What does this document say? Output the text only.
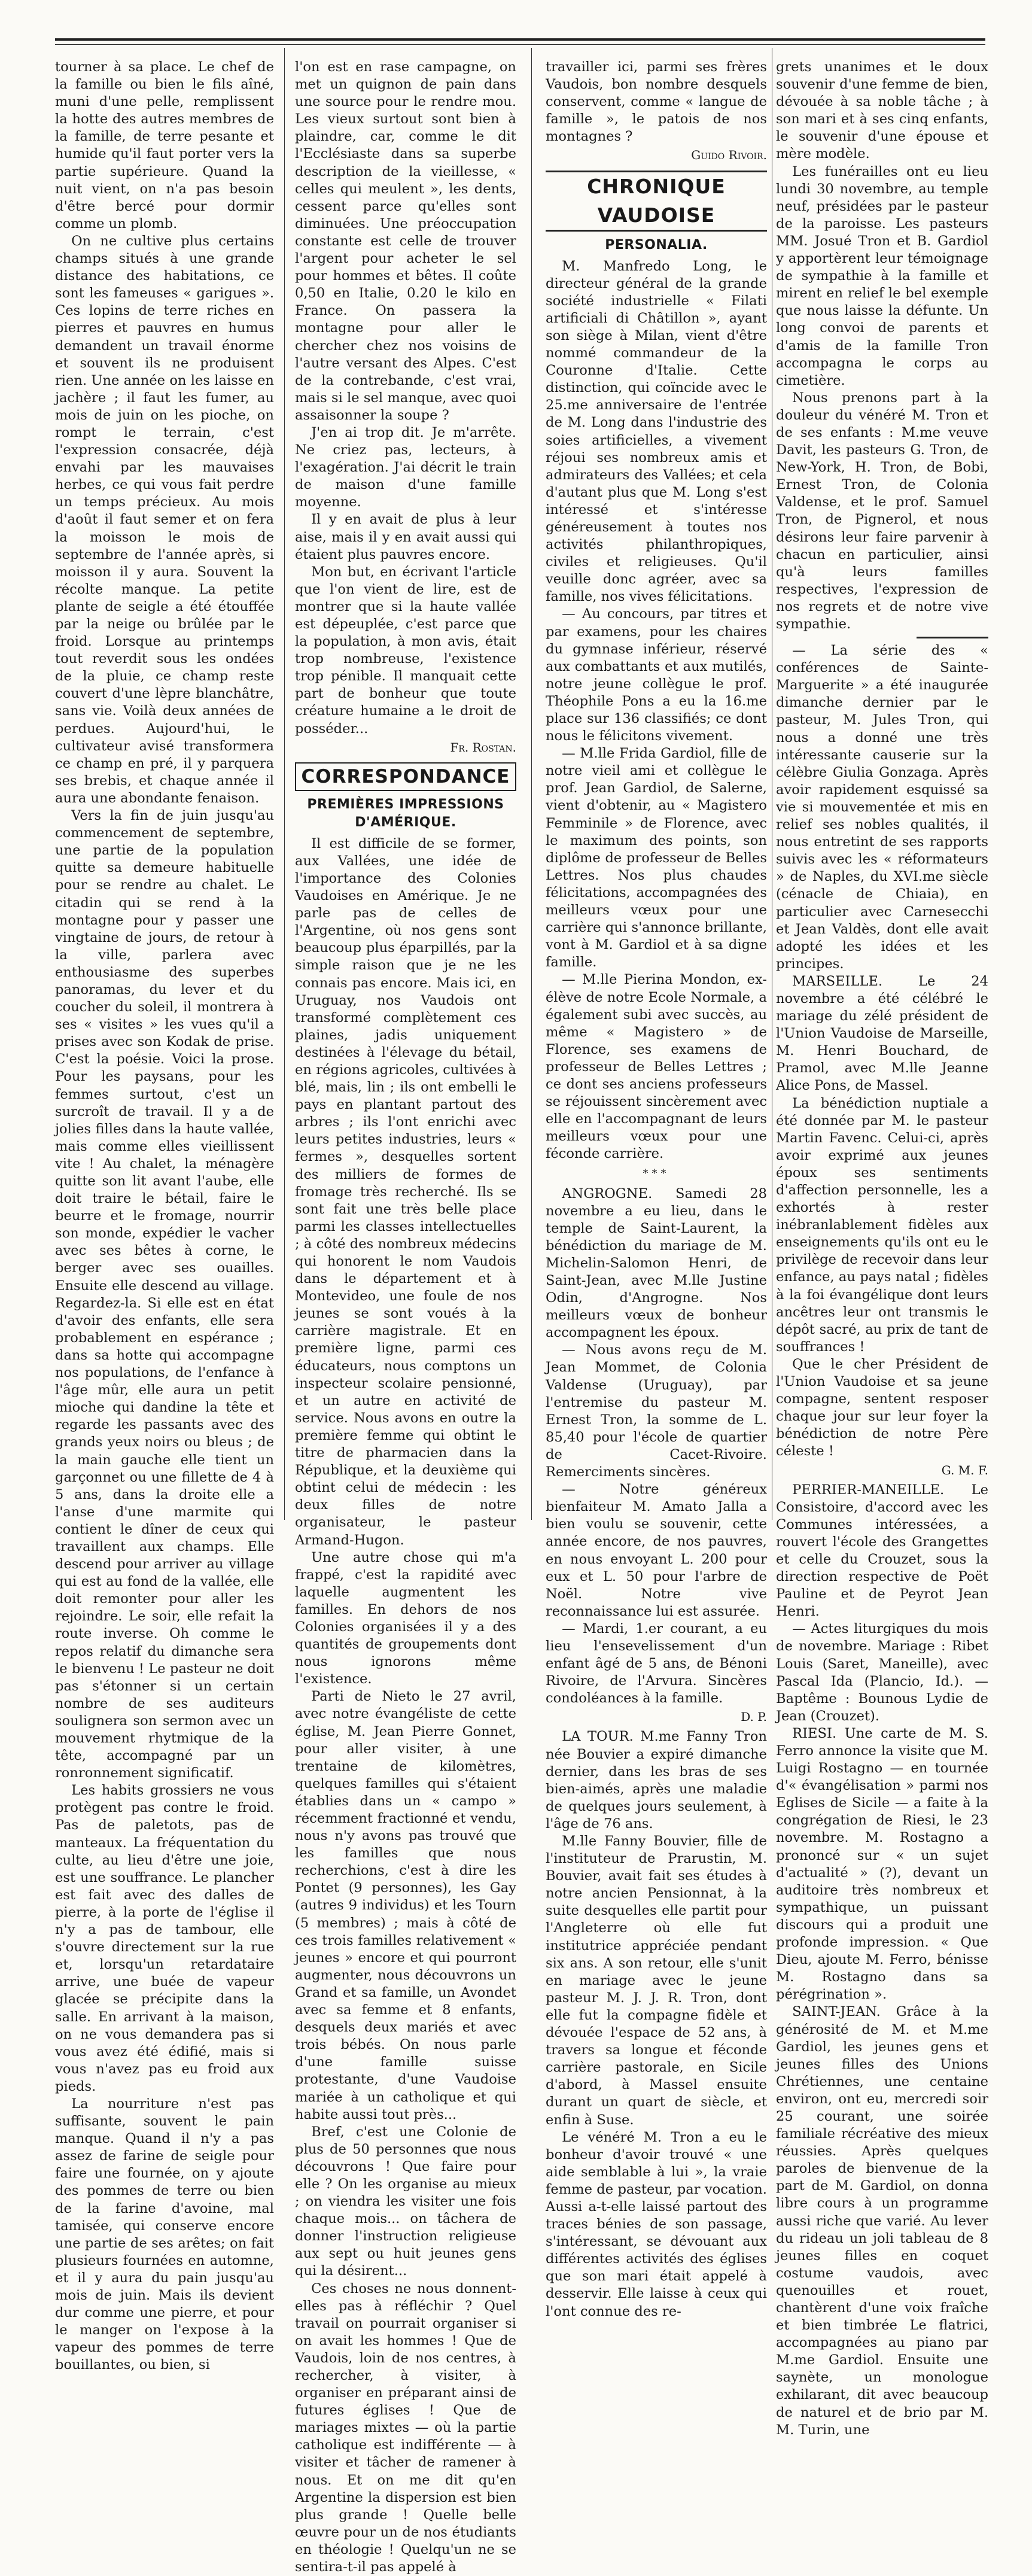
tourner à sa place. Le chef de la famille ou bien le fils aîné, muni d'une pelle, remplissent la hotte des autres membres de la famille, de terre pesante et humide qu'il faut porter vers la partie supérieure. Quand la nuit vient, on n'a pas besoin d'être bercé pour dormir comme un plomb.

On ne cultive plus certains champs situés à une grande distance des habitations, ce sont les fameuses « garigues ». Ces lopins de terre riches en pierres et pauvres en humus demandent un travail énorme et souvent ils ne produisent rien. Une année on les laisse en jachère ; il faut les fumer, au mois de juin on les pioche, on rompt le terrain, c'est l'expression consacrée, déjà envahi par les mauvaises herbes, ce qui vous fait perdre un temps précieux. Au mois d'août il faut semer et on fera la moisson le mois de septembre de l'année après, si moisson il y aura. Souvent la récolte manque. La petite plante de seigle a été étouffée par la neige ou brûlée par le froid. Lorsque au printemps tout reverdit sous les ondées de la pluie, ce champ reste couvert d'une lèpre blanchâtre, sans vie. Voilà deux années de perdues. Aujourd'hui, le cultivateur avisé transformera ce champ en pré, il y parquera ses brebis, et chaque année il aura une abondante fenaison.

Vers la fin de juin jusqu'au commencement de septembre, une partie de la population quitte sa demeure habituelle pour se rendre au chalet. Le citadin qui se rend à la montagne pour y passer une vingtaine de jours, de retour à la ville, parlera avec enthousiasme des superbes panoramas, du lever et du coucher du soleil, il montrera à ses « visites » les vues qu'il a prises avec son Kodak de prise. C'est la poésie. Voici la prose. Pour les paysans, pour les femmes surtout, c'est un surcroît de travail. Il y a de jolies filles dans la haute vallée, mais comme elles vieillissent vite ! Au chalet, la ménagère quitte son lit avant l'aube, elle doit traire le bétail, faire le beurre et le fromage, nourrir son monde, expédier le vacher avec ses bêtes à corne, le berger avec ses ouailles. Ensuite elle descend au village. Regardez-la. Si elle est en état d'avoir des enfants, elle sera probablement en espérance ; dans sa hotte qui accompagne nos populations, de l'enfance à l'âge mûr, elle aura un petit mioche qui dandine la tête et regarde les passants avec des grands yeux noirs ou bleus ; de la main gauche elle tient un garçonnet ou une fillette de 4 à 5 ans, dans la droite elle a l'anse d'une marmite qui contient le dîner de ceux qui travaillent aux champs. Elle descend pour arriver au village qui est au fond de la vallée, elle doit remonter pour aller les rejoindre. Le soir, elle refait la route inverse. Oh comme le repos relatif du dimanche sera le bienvenu ! Le pasteur ne doit pas s'étonner si un certain nombre de ses auditeurs soulignera son sermon avec un mouvement rhytmique de la tête, accompagné par un ronronnement significatif.

Les habits grossiers ne vous protègent pas contre le froid. Pas de paletots, pas de manteaux. La fréquentation du culte, au lieu d'être une joie, est une souffrance. Le plancher est fait avec des dalles de pierre, à la porte de l'église il n'y a pas de tambour, elle s'ouvre directement sur la rue et, lorsqu'un retardataire arrive, une buée de vapeur glacée se précipite dans la salle. En arrivant à la maison, on ne vous demandera pas si vous avez été édifié, mais si vous n'avez pas eu froid aux pieds.

La nourriture n'est pas suffisante, souvent le pain manque. Quand il n'y a pas assez de farine de seigle pour faire une fournée, on y ajoute des pommes de terre ou bien de la farine d'avoine, mal tamisée, qui conserve encore une partie de ses arêtes; on fait plusieurs fournées en automne, et il y aura du pain jusqu'au mois de juin. Mais ils devient dur comme une pierre, et pour le manger on l'expose à la vapeur des pommes de terre bouillantes, ou bien, si

l'on est en rase campagne, on met un quignon de pain dans une source pour le rendre mou. Les vieux surtout sont bien à plaindre, car, comme le dit l'Ecclésiaste dans sa superbe description de la vieillesse, « celles qui meulent », les dents, cessent parce qu'elles sont diminuées. Une préoccupation constante est celle de trouver l'argent pour acheter le sel pour hommes et bêtes. Il coûte 0,50 en Italie, 0.20 le kilo en France. On passera la montagne pour aller le chercher chez nos voisins de l'autre versant des Alpes. C'est de la contrebande, c'est vrai, mais si le sel manque, avec quoi assaisonner la soupe ?

J'en ai trop dit. Je m'arrête. Ne criez pas, lecteurs, à l'exagération. J'ai décrit le train de maison d'une famille moyenne.

Il y en avait de plus à leur aise, mais il y en avait aussi qui étaient plus pauvres encore.

Mon but, en écrivant l'article que l'on vient de lire, est de montrer que si la haute vallée est dépeuplée, c'est parce que la population, à mon avis, était trop nombreuse, l'existence trop pénible. Il manquait cette part de bonheur que toute créature humaine a le droit de posséder...

Fr. Rostan.
CORRESPONDANCE
PREMIÈRES IMPRESSIONS D'AMÉRIQUE.

Il est difficile de se former, aux Vallées, une idée de l'importance des Colonies Vaudoises en Amérique. Je ne parle pas de celles de l'Argentine, où nos gens sont beaucoup plus éparpillés, par la simple raison que je ne les connais pas encore. Mais ici, en Uruguay, nos Vaudois ont transformé complètement ces plaines, jadis uniquement destinées à l'élevage du bétail, en régions agricoles, cultivées à blé, mais, lin ; ils ont embelli le pays en plantant partout des arbres ; ils l'ont enrichi avec leurs petites industries, leurs « fermes », desquelles sortent des milliers de formes de fromage très recherché. Ils se sont fait une très belle place parmi les classes intellectuelles ; à côté des nombreux médecins qui honorent le nom Vaudois dans le département et à Montevideo, une foule de nos jeunes se sont voués à la carrière magistrale. Et en première ligne, parmi ces éducateurs, nous comptons un inspecteur scolaire pensionné, et un autre en activité de service. Nous avons en outre la première femme qui obtint le titre de pharmacien dans la République, et la deuxième qui obtint celui de médecin : les deux filles de notre organisateur, le pasteur Armand-Hugon.

Une autre chose qui m'a frappé, c'est la rapidité avec laquelle augmentent les familles. En dehors de nos Colonies organisées il y a des quantités de groupements dont nous ignorons même l'existence.

Parti de Nieto le 27 avril, avec notre évangéliste de cette église, M. Jean Pierre Gonnet, pour aller visiter, à une trentaine de kilomètres, quelques familles qui s'étaient établies dans un « campo » récemment fractionné et vendu, nous n'y avons pas trouvé que les familles que nous recherchions, c'est à dire les Pontet (9 personnes), les Gay (autres 9 individus) et les Tourn (5 membres) ; mais à côté de ces trois familles relativement « jeunes » encore et qui pourront augmenter, nous découvrons un Grand et sa famille, un Avondet avec sa femme et 8 enfants, desquels deux mariés et avec trois bébés. On nous parle d'une famille suisse protestante, d'une Vaudoise mariée à un catholique et qui habite aussi tout près...

Bref, c'est une Colonie de plus de 50 personnes que nous découvrons ! Que faire pour elle ? On les organise au mieux ; on viendra les visiter une fois chaque mois... on tâchera de donner l'instruction religieuse aux sept ou huit jeunes gens qui la désirent...

Ces choses ne nous donnent-elles pas à réfléchir ? Quel travail on pourrait organiser si on avait les hommes ! Que de Vaudois, loin de nos centres, à rechercher, à visiter, à organiser en préparant ainsi de futures églises ! Que de mariages mixtes — où la partie catholique est indifférente — à visiter et tâcher de ramener à nous. Et on me dit qu'en Argentine la dispersion est bien plus grande ! Quelle belle œuvre pour un de nos étudiants en théologie ! Quelqu'un ne se sentira-t-il pas appelé à

travailler ici, parmi ses frères Vaudois, bon nombre desquels conservent, comme « langue de famille », le patois de nos montagnes ?

Guido Rivoir.
CHRONIQUE VAUDOISE
PERSONALIA.

M. Manfredo Long, le directeur général de la grande société industrielle « Filati artificiali di Châtillon », ayant son siège à Milan, vient d'être nommé commandeur de la Couronne d'Italie. Cette distinction, qui coïncide avec le 25.me anniversaire de l'entrée de M. Long dans l'industrie des soies artificielles, a vivement réjoui ses nombreux amis et admirateurs des Vallées; et cela d'autant plus que M. Long s'est intéressé et s'intéresse généreusement à toutes nos activités philanthropiques, civiles et religieuses. Qu'il veuille donc agréer, avec sa famille, nos vives félicitations.

— Au concours, par titres et par examens, pour les chaires du gymnase inférieur, réservé aux combattants et aux mutilés, notre jeune collègue le prof. Théophile Pons a eu la 16.me place sur 136 classifiés; ce dont nous le félicitons vivement.

— M.lle Frida Gardiol, fille de notre vieil ami et collègue le prof. Jean Gardiol, de Salerne, vient d'obtenir, au « Magistero Femminile » de Florence, avec le maximum des points, son diplôme de professeur de Belles Lettres. Nos plus chaudes félicitations, accompagnées des meilleurs vœux pour une carrière qui s'annonce brillante, vont à M. Gardiol et à sa digne famille.

— M.lle Pierina Mondon, ex-élève de notre Ecole Normale, a également subi avec succès, au même « Magistero » de Florence, ses examens de professeur de Belles Lettres ; ce dont ses anciens professeurs se réjouissent sincèrement avec elle en l'accompagnant de leurs meilleurs vœux pour une féconde carrière.

***

ANGROGNE. Samedi 28 novembre a eu lieu, dans le temple de Saint-Laurent, la bénédiction du mariage de M. Michelin-Salomon Henri, de Saint-Jean, avec M.lle Justine Odin, d'Angrogne. Nos meilleurs vœux de bonheur accompagnent les époux.

— Nous avons reçu de M. Jean Mommet, de Colonia Valdense (Uruguay), par l'entremise du pasteur M. Ernest Tron, la somme de L. 85,40 pour l'école de quartier de Cacet-Rivoire. Remerciments sincères.

— Notre généreux bienfaiteur M. Amato Jalla a bien voulu se souvenir, cette année encore, de nos pauvres, en nous envoyant L. 200 pour eux et L. 50 pour l'arbre de Noël. Notre vive reconnaissance lui est assurée.

— Mardi, 1.er courant, a eu lieu l'ensevelissement d'un enfant âgé de 5 ans, de Bénoni Rivoire, de l'Arvura. Sincères condoléances à la famille.

D. P.

LA TOUR. M.me Fanny Tron née Bouvier a expiré dimanche dernier, dans les bras de ses bien-aimés, après une maladie de quelques jours seulement, à l'âge de 76 ans.

M.lle Fanny Bouvier, fille de l'instituteur de Prarustin, M. Bouvier, avait fait ses études à notre ancien Pensionnat, à la suite desquelles elle partit pour l'Angleterre où elle fut institutrice appréciée pendant six ans. A son retour, elle s'unit en mariage avec le jeune pasteur M. J. J. R. Tron, dont elle fut la compagne fidèle et dévouée l'espace de 52 ans, à travers sa longue et féconde carrière pastorale, en Sicile d'abord, à Massel ensuite durant un quart de siècle, et enfin à Suse.

Le vénéré M. Tron a eu le bonheur d'avoir trouvé « une aide semblable à lui », la vraie femme de pasteur, par vocation. Aussi a-t-elle laissé partout des traces bénies de son passage, s'intéressant, se dévouant aux différentes activités des églises que son mari était appelé à desservir. Elle laisse à ceux qui l'ont connue des re-

grets unanimes et le doux souvenir d'une femme de bien, dévouée à sa noble tâche ; à son mari et à ses cinq enfants, le souvenir d'une épouse et mère modèle.

Les funérailles ont eu lieu lundi 30 novembre, au temple neuf, présidées par le pasteur de la paroisse. Les pasteurs MM. Josué Tron et B. Gardiol y apportèrent leur témoignage de sympathie à la famille et mirent en relief le bel exemple que nous laisse la défunte. Un long convoi de parents et d'amis de la famille Tron accompagna le corps au cimetière.

Nous prenons part à la douleur du vénéré M. Tron et de ses enfants : M.me veuve Davit, les pasteurs G. Tron, de New-York, H. Tron, de Bobi, Ernest Tron, de Colonia Valdense, et le prof. Samuel Tron, de Pignerol, et nous désirons leur faire parvenir à chacun en particulier, ainsi qu'à leurs familles respectives, l'expression de nos regrets et de notre vive sympathie.

— La série des « conférences de Sainte-Marguerite » a été inaugurée dimanche dernier par le pasteur, M. Jules Tron, qui nous a donné une très intéressante causerie sur la célèbre Giulia Gonzaga. Après avoir rapidement esquissé sa vie si mouvementée et mis en relief ses nobles qualités, il nous entretint de ses rapports suivis avec les « réformateurs » de Naples, du XVI.me siècle (cénacle de Chiaia), en particulier avec Carnesecchi et Jean Valdès, dont elle avait adopté les idées et les principes.

MARSEILLE. Le 24 novembre a été célébré le mariage du zélé président de l'Union Vaudoise de Marseille, M. Henri Bouchard, de Pramol, avec M.lle Jeanne Alice Pons, de Massel.

La bénédiction nuptiale a été donnée par M. le pasteur Martin Favenc. Celui-ci, après avoir exprimé aux jeunes époux ses sentiments d'affection personnelle, les a exhortés à rester inébranlablement fidèles aux enseignements qu'ils ont eu le privilège de recevoir dans leur enfance, au pays natal ; fidèles à la foi évangélique dont leurs ancêtres leur ont transmis le dépôt sacré, au prix de tant de souffrances !

Que le cher Président de l'Union Vaudoise et sa jeune compagne, sentent resposer chaque jour sur leur foyer la bénédiction de notre Père céleste !

G. M. F.

PERRIER-MANEILLE. Le Consistoire, d'accord avec les Communes intéressées, a rouvert l'école des Grangettes et celle du Crouzet, sous la direction respective de Poët Pauline et de Peyrot Jean Henri.

— Actes liturgiques du mois de novembre. Mariage : Ribet Louis (Saret, Maneille), avec Pascal Ida (Plancio, Id.). — Baptême : Bounous Lydie de Jean (Crouzet).

RIESI. Une carte de M. S. Ferro annonce la visite que M. Luigi Rostagno — en tournée d'« évangélisation » parmi nos Eglises de Sicile — a faite à la congrégation de Riesi, le 23 novembre. M. Rostagno a prononcé sur « un sujet d'actualité » (?), devant un auditoire très nombreux et sympathique, un puissant discours qui a produit une profonde impression. « Que Dieu, ajoute M. Ferro, bénisse M. Rostagno dans sa pérégrination ».

SAINT-JEAN. Grâce à la générosité de M. et M.me Gardiol, les jeunes gens et jeunes filles des Unions Chrétiennes, une centaine environ, ont eu, mercredi soir 25 courant, une soirée familiale récréative des mieux réussies. Après quelques paroles de bienvenue de la part de M. Gardiol, on donna libre cours à un programme aussi riche que varié. Au lever du rideau un joli tableau de 8 jeunes filles en coquet costume vaudois, avec quenouilles et rouet, chantèrent d'une voix fraîche et bien timbrée Le flatrici, accompagnées au piano par M.me Gardiol. Ensuite une saynète, un monologue exhilarant, dit avec beaucoup de naturel et de brio par M. M. Turin, une
